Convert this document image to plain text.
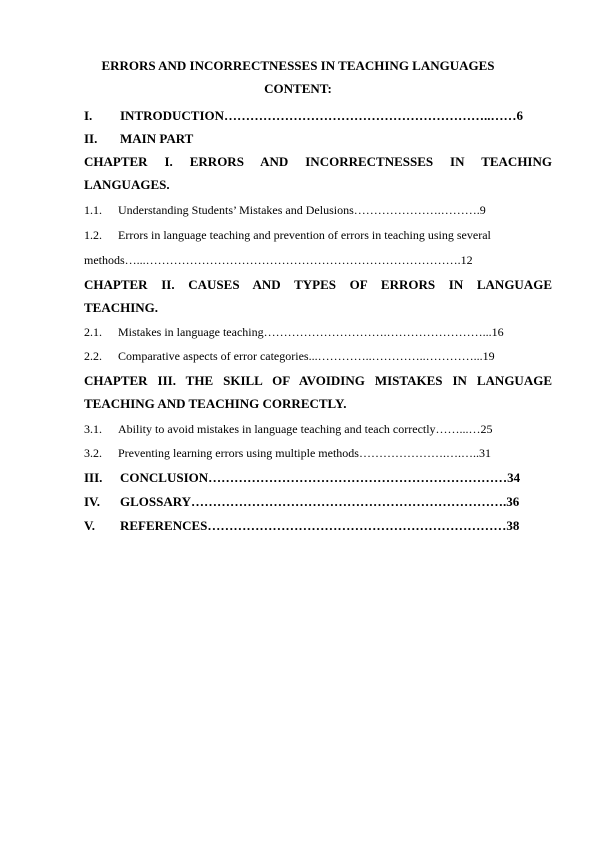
ERRORS AND INCORRECTNESSES IN TEACHING LANGUAGES
CONTENT:
I. INTRODUCTION……………………………………………………..……6
II. MAIN PART
CHAPTER I. ERRORS AND INCORRECTNESSES IN TEACHING
LANGUAGES.
1.1. Understanding Students’ Mistakes and Delusions………………….……….9
1.2. Errors in language teaching and prevention of errors in teaching using several
methods…...…………………………………………………………………….12
CHAPTER II. CAUSES AND TYPES OF ERRORS IN LANGUAGE
TEACHING.
2.1. Mistakes in language teaching………………………….……………………...16
2.2. Comparative aspects of error categories...…………..…………..…………...19
CHAPTER III. THE SKILL OF AVOIDING MISTAKES IN LANGUAGE
TEACHING AND TEACHING CORRECTLY.
3.1. Ability to avoid mistakes in language teaching and teach correctly……...…25
3.2. Preventing learning errors using multiple methods………………….….…..31
III. CONCLUSION……………………………………………………………34
IV. GLOSSARY……………………………………………………………….36
V. REFERENCES……………………………………………………………38
